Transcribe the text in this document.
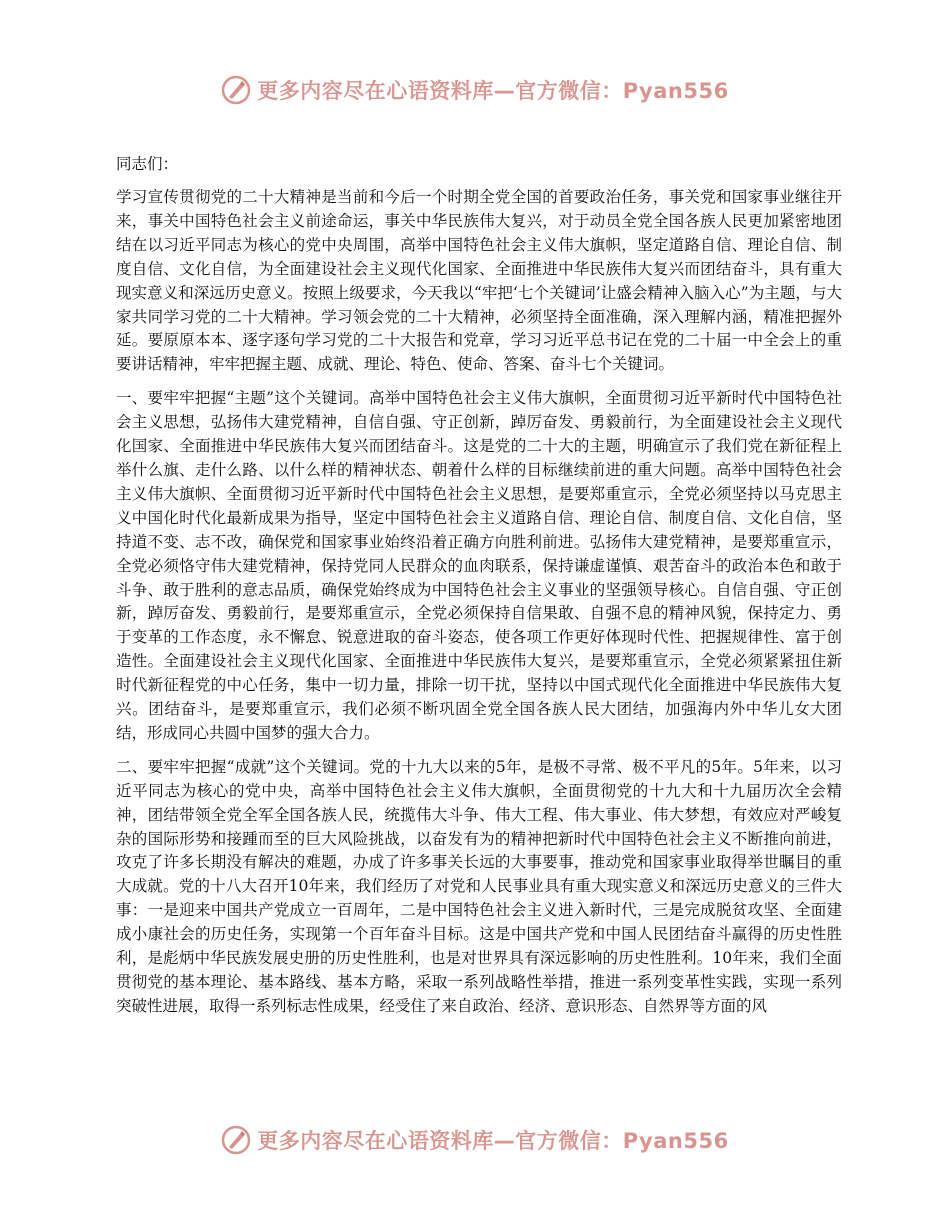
更多内容尽在心语资料库—官方微信：Pyan556

同志们：

学习宣传贯彻党的二十大精神是当前和今后一个时期全党全国的首要政治任务，事关党和国家事业继往开来，事关中国特色社会主义前途命运，事关中华民族伟大复兴，对于动员全党全国各族人民更加紧密地团结在以习近平同志为核心的党中央周围，高举中国特色社会主义伟大旗帜，坚定道路自信、理论自信、制度自信、文化自信，为全面建设社会主义现代化国家、全面推进中华民族伟大复兴而团结奋斗，具有重大现实意义和深远历史意义。按照上级要求，今天我以“牢把‘七个关键词’让盛会精神入脑入心”为主题，与大家共同学习党的二十大精神。学习领会党的二十大精神，必须坚持全面准确，深入理解内涵，精准把握外延。要原原本本、逐字逐句学习党的二十大报告和党章，学习习近平总书记在党的二十届一中全会上的重要讲话精神，牢牢把握主题、成就、理论、特色、使命、答案、奋斗七个关键词。

一、要牢牢把握“主题”这个关键词。高举中国特色社会主义伟大旗帜，全面贯彻习近平新时代中国特色社会主义思想，弘扬伟大建党精神，自信自强、守正创新，踔厉奋发、勇毅前行，为全面建设社会主义现代化国家、全面推进中华民族伟大复兴而团结奋斗。这是党的二十大的主题，明确宣示了我们党在新征程上举什么旗、走什么路、以什么样的精神状态、朝着什么样的目标继续前进的重大问题。高举中国特色社会主义伟大旗帜、全面贯彻习近平新时代中国特色社会主义思想，是要郑重宣示，全党必须坚持以马克思主义中国化时代化最新成果为指导，坚定中国特色社会主义道路自信、理论自信、制度自信、文化自信，坚持道不变、志不改，确保党和国家事业始终沿着正确方向胜利前进。弘扬伟大建党精神，是要郑重宣示，全党必须恪守伟大建党精神，保持党同人民群众的血肉联系，保持谦虚谨慎、艰苦奋斗的政治本色和敢于斗争、敢于胜利的意志品质，确保党始终成为中国特色社会主义事业的坚强领导核心。自信自强、守正创新，踔厉奋发、勇毅前行，是要郑重宣示，全党必须保持自信果敢、自强不息的精神风貌，保持定力、勇于变革的工作态度，永不懈怠、锐意进取的奋斗姿态，使各项工作更好体现时代性、把握规律性、富于创造性。全面建设社会主义现代化国家、全面推进中华民族伟大复兴，是要郑重宣示，全党必须紧紧扭住新时代新征程党的中心任务，集中一切力量，排除一切干扰，坚持以中国式现代化全面推进中华民族伟大复兴。团结奋斗，是要郑重宣示，我们必须不断巩固全党全国各族人民大团结，加强海内外中华儿女大团结，形成同心共圆中国梦的强大合力。

二、要牢牢把握“成就”这个关键词。党的十九大以来的5年，是极不寻常、极不平凡的5年。5年来，以习近平同志为核心的党中央，高举中国特色社会主义伟大旗帜，全面贯彻党的十九大和十九届历次全会精神，团结带领全党全军全国各族人民，统揽伟大斗争、伟大工程、伟大事业、伟大梦想，有效应对严峻复杂的国际形势和接踵而至的巨大风险挑战，以奋发有为的精神把新时代中国特色社会主义不断推向前进，攻克了许多长期没有解决的难题，办成了许多事关长远的大事要事，推动党和国家事业取得举世瞩目的重大成就。党的十八大召开10年来，我们经历了对党和人民事业具有重大现实意义和深远历史意义的三件大事：一是迎来中国共产党成立一百周年，二是中国特色社会主义进入新时代，三是完成脱贫攻坚、全面建成小康社会的历史任务，实现第一个百年奋斗目标。这是中国共产党和中国人民团结奋斗赢得的历史性胜利，是彪炳中华民族发展史册的历史性胜利，也是对世界具有深远影响的历史性胜利。10年来，我们全面贯彻党的基本理论、基本路线、基本方略，采取一系列战略性举措，推进一系列变革性实践，实现一系列突破性进展，取得一系列标志性成果，经受住了来自政治、经济、意识形态、自然界等方面的风

更多内容尽在心语资料库—官方微信：Pyan556
